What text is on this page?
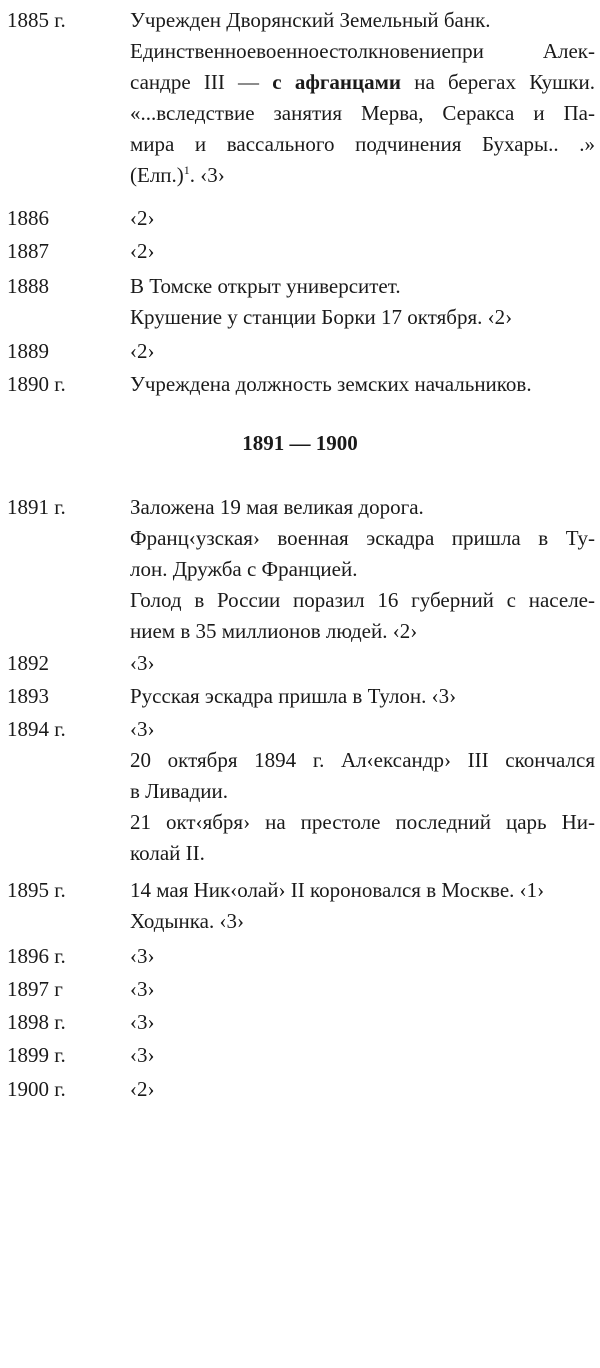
1891 — 1900
1885 г.	Учрежден Дворянский Земельный банк.
Единственноевоенноестолкновениепри Алек-
сандре III — с афганцами на берегах Кушки.
«...вследствие занятия Мерва, Серакса и Па-
мира и вассального подчинения Бухары.. .»
$(Елп.)^1$. ‹3›
1886	‹2›
1887	‹2›
1888	В Томске открыт университет.
Крушение у станции Борки 17 октября. ‹2›
1889	‹2›
1890 г.	Учреждена должность земских начальников.
1891 г.	Заложена 19 мая великая дорога.
Франц‹узская› военная эскадра пришла в Ту-
лон. Дружба с Францией.
Голод в России поразил 16 губерний с населе-
нием в 35 миллионов людей. ‹2›
1892	‹3›
1893	Русская эскадра пришла в Тулон. ‹3›
1894 г.	‹3›
20 октября 1894 г. Ал‹ександр› III скончался
в Ливадии.
21 окт‹ября› на престоле последний царь Ни-
колай II.
1895 г.	14 мая Ник‹олай› II короновался в Москве. ‹1›
Ходынка. ‹3›
1896 г.	‹3›
1897 г	‹3›
1898 г.	‹3›
1899 г.	‹3›
1900 г.	‹2›
